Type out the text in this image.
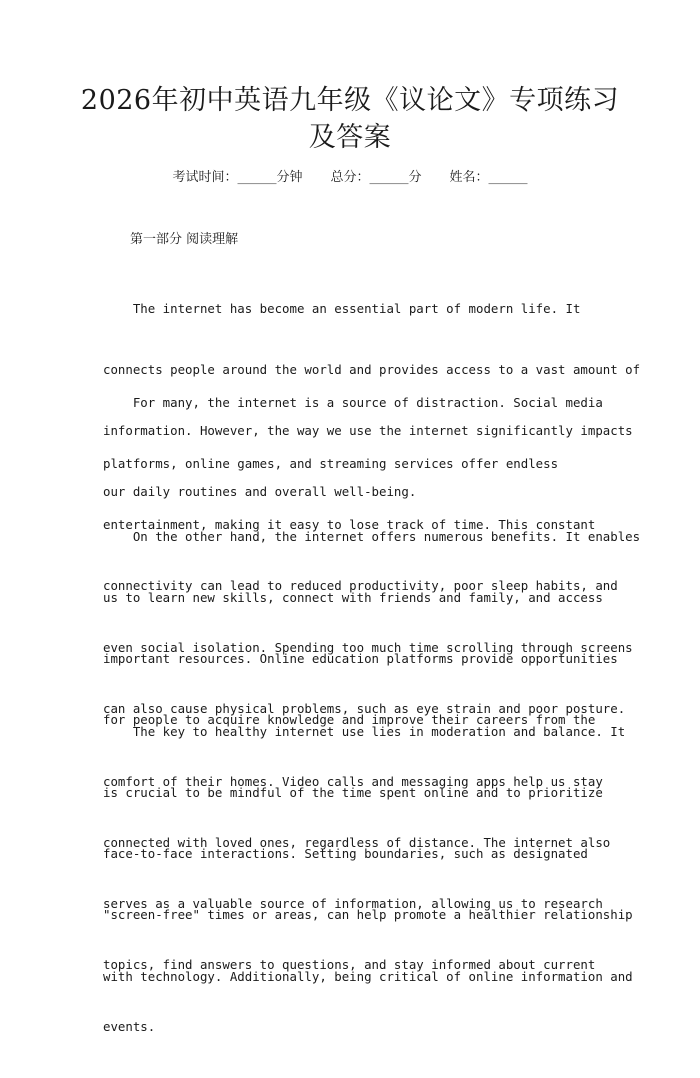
2026年初中英语九年级《议论文》专项练习
及答案
考试时间：______分钟 总分：______分 姓名：______
第一部分 阅读理解

The internet has become an essential part of modern life. It

connects people around the world and provides access to a vast amount of

information. However, the way we use the internet significantly impacts

our daily routines and overall well-being.

For many, the internet is a source of distraction. Social media

platforms, online games, and streaming services offer endless

entertainment, making it easy to lose track of time. This constant

connectivity can lead to reduced productivity, poor sleep habits, and

even social isolation. Spending too much time scrolling through screens

can also cause physical problems, such as eye strain and poor posture.

On the other hand, the internet offers numerous benefits. It enables

us to learn new skills, connect with friends and family, and access

important resources. Online education platforms provide opportunities

for people to acquire knowledge and improve their careers from the

comfort of their homes. Video calls and messaging apps help us stay

connected with loved ones, regardless of distance. The internet also

serves as a valuable source of information, allowing us to research

topics, find answers to questions, and stay informed about current

events.

The key to healthy internet use lies in moderation and balance. It

is crucial to be mindful of the time spent online and to prioritize

face-to-face interactions. Setting boundaries, such as designated

"screen-free" times or areas, can help promote a healthier relationship

with technology. Additionally, being critical of online information and
